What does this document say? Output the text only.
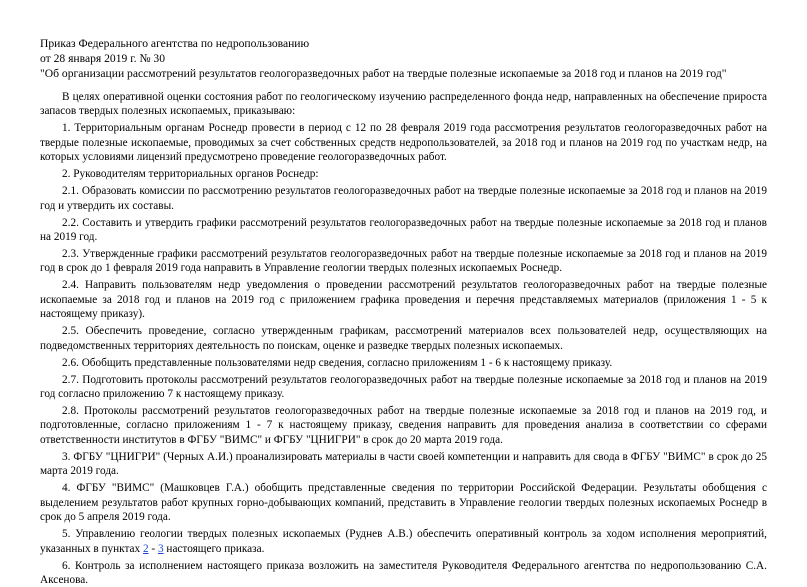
Приказ Федерального агентства по недропользованию
от 28 января 2019 г. № 30
"Об организации рассмотрений результатов геологоразведочных работ на твердые полезные ископаемые за 2018 год и планов на 2019 год"

В целях оперативной оценки состояния работ по геологическому изучению распределенного фонда недр, направленных на обеспечение прироста запасов твердых полезных ископаемых, приказываю:

1. Территориальным органам Роснедр провести в период с 12 по 28 февраля 2019 года рассмотрения результатов геологоразведочных работ на твердые полезные ископаемые, проводимых за счет собственных средств недропользователей, за 2018 год и планов на 2019 год по участкам недр, на которых условиями лицензий предусмотрено проведение геологоразведочных работ.

2. Руководителям территориальных органов Роснедр:

2.1. Образовать комиссии по рассмотрению результатов геологоразведочных работ на твердые полезные ископаемые за 2018 год и планов на 2019 год и утвердить их составы.

2.2. Составить и утвердить графики рассмотрений результатов геологоразведочных работ на твердые полезные ископаемые за 2018 год и планов на 2019 год.

2.3. Утвержденные графики рассмотрений результатов геологоразведочных работ на твердые полезные ископаемые за 2018 год и планов на 2019 год в срок до 1 февраля 2019 года направить в Управление геологии твердых полезных ископаемых Роснедр.

2.4. Направить пользователям недр уведомления о проведении рассмотрений результатов геологоразведочных работ на твердые полезные ископаемые за 2018 год и планов на 2019 год с приложением графика проведения и перечня представляемых материалов (приложения 1 - 5 к настоящему приказу).

2.5. Обеспечить проведение, согласно утвержденным графикам, рассмотрений материалов всех пользователей недр, осуществляющих на подведомственных территориях деятельность по поискам, оценке и разведке твердых полезных ископаемых.

2.6. Обобщить представленные пользователями недр сведения, согласно приложениям 1 - 6 к настоящему приказу.

2.7. Подготовить протоколы рассмотрений результатов геологоразведочных работ на твердые полезные ископаемые за 2018 год и планов на 2019 год согласно приложению 7 к настоящему приказу.

2.8. Протоколы рассмотрений результатов геологоразведочных работ на твердые полезные ископаемые за 2018 год и планов на 2019 год, и подготовленные, согласно приложениям 1 - 7 к настоящему приказу, сведения направить для проведения анализа в соответствии со сферами ответственности институтов в ФГБУ "ВИМС" и ФГБУ "ЦНИГРИ" в срок до 20 марта 2019 года.

3. ФГБУ "ЦНИГРИ" (Черных А.И.) проанализировать материалы в части своей компетенции и направить для свода в ФГБУ "ВИМС" в срок до 25 марта 2019 года.

4. ФГБУ "ВИМС" (Машковцев Г.А.) обобщить представленные сведения по территории Российской Федерации. Результаты обобщения с выделением результатов работ крупных горно-добывающих компаний, представить в Управление геологии твердых полезных ископаемых Роснедр в срок до 5 апреля 2019 года.

5. Управлению геологии твердых полезных ископаемых (Руднев А.В.) обеспечить оперативный контроль за ходом исполнения мероприятий, указанных в пунктах 2 - 3 настоящего приказа.

6. Контроль за исполнением настоящего приказа возложить на заместителя Руководителя Федерального агентства по недропользованию С.А. Аксенова.
